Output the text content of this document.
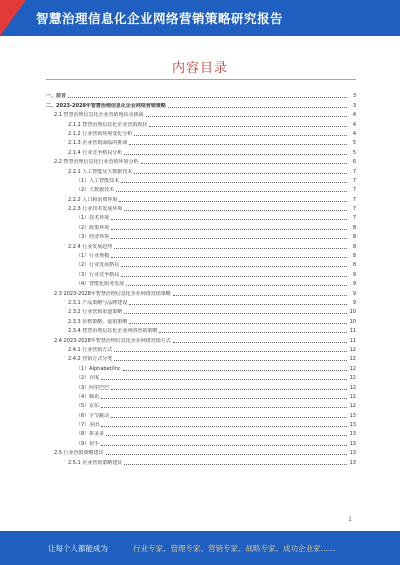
智慧治理信息化企业网络营销策略研究报告
内容目录
一、前言	3
二、2023-2028年智慧治理信息化企业网络营销策略	3
2.1 智慧治理信息化企业营销现状及挑战	4
2.1.1 智慧治理信息化企业营销现状	4
2.1.2 行业营销环境变化分析	4
2.1.3 企业营销面临的挑战	5
2.1.4 行业竞争格局分析	5
2.2 智慧治理信息化行业营销环境分析	6
2.2.1 人工智能及大数据技术	7
（1）人工智能技术	7
（2）大数据技术	7
2.2.2 人口和消费环境	7
2.2.3 行业技术发展环境	7
（1）技术环境	7
（2）政策环境	8
（3）经济环境	8
2.2.4 行业发展趋势	8
（1）行业规模	8
（2）行业发展格局	8
（3）行业竞争格局	9
（4）智能化服务发展	9
2.3 2023-2028年智慧治理信息化企业网络营销策略	9
2.3.1 产品策略与品牌建设	9
2.3.2 行业营销渠道策略	10
2.3.3 价格策略、促销策略	10
2.3.4 智慧治理信息化企业网络营销策略	11
2.4 2023-2028年智慧治理信息化企业网络营销方式	11
2.4.1 行业营销方式	12
2.4.2 营销方式分类	12
（1）Alphabet/Inc	12
（2）百度	12
（3）阿里巴巴	12
（4）腾讯	12
（5）京东	12
（6）字节跳动	13
（7）美团	13
（8）拼多多	13
（9）快手	13
2.5 行业营销策略建议	13
2.5.1 企业营销策略建议	13
1
让每个人都能成为	行业专家、管理专家、营销专家、战略专家、成功企业家……
